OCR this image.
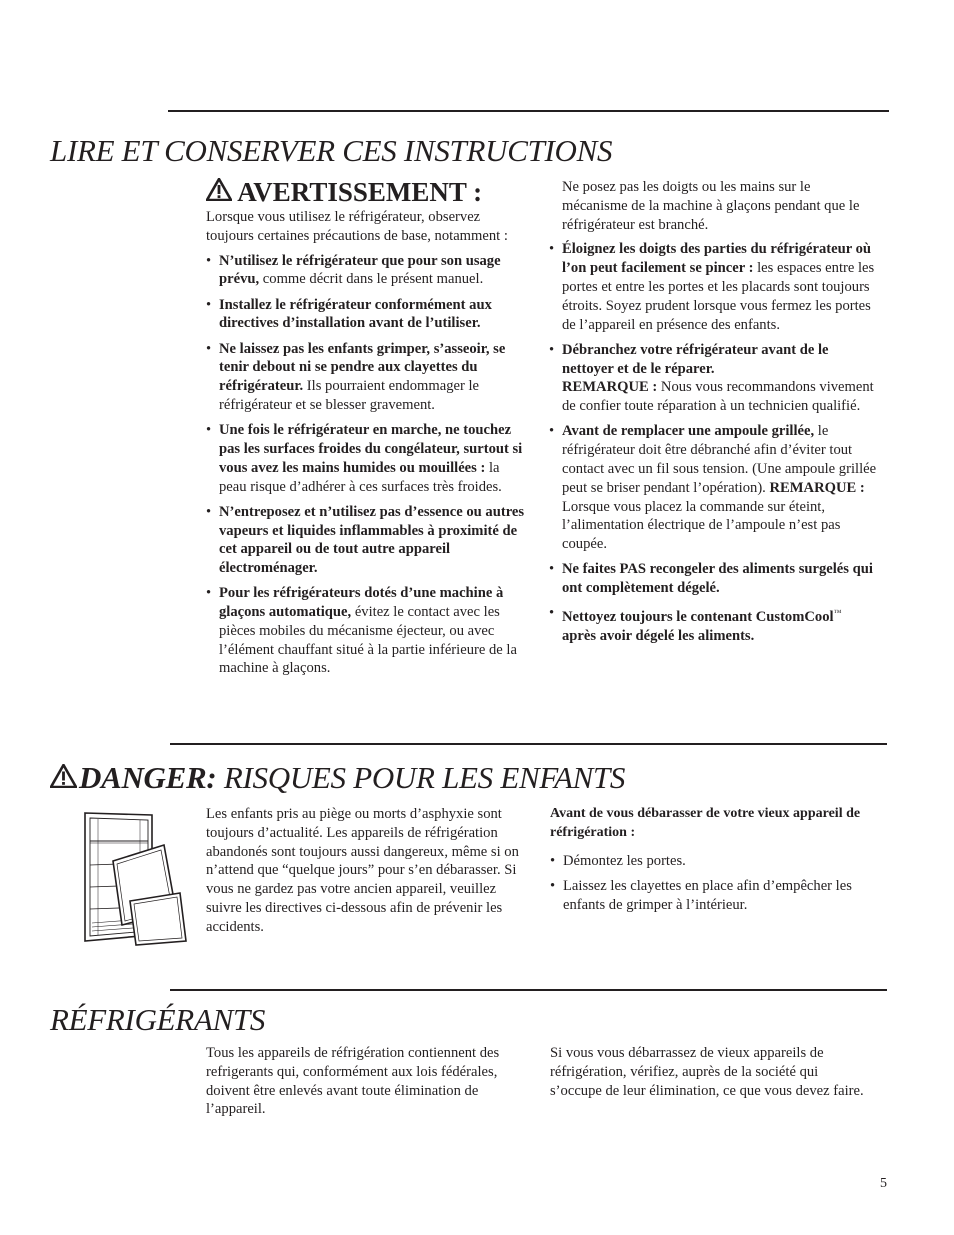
LIRE ET CONSERVER CES INSTRUCTIONS
AVERTISSEMENT :

Lorsque vous utilisez le réfrigérateur, observez toujours certaines précautions de base, notamment :

• N’utilisez le réfrigérateur que pour son usage prévu, comme décrit dans le présent manuel.
• Installez le réfrigérateur conformément aux directives d’installation avant de l’utiliser.
• Ne laissez pas les enfants grimper, s’asseoir, se tenir debout ni se pendre aux clayettes du réfrigérateur. Ils pourraient endommager le réfrigérateur et se blesser gravement.
• Une fois le réfrigérateur en marche, ne touchez pas les surfaces froides du congélateur, surtout si vous avez les mains humides ou mouillées : la peau risque d’adhérer à ces surfaces très froides.
• N’entreposez et n’utilisez pas d’essence ou autres vapeurs et liquides inflammables à proximité de cet appareil ou de tout autre appareil électroménager.
• Pour les réfrigérateurs dotés d’une machine à glaçons automatique, évitez le contact avec les pièces mobiles du mécanisme éjecteur, ou avec l’élément chauffant situé à la partie inférieure de la machine à glaçons.

Ne posez pas les doigts ou les mains sur le mécanisme de la machine à glaçons pendant que le réfrigérateur est branché.

• Éloignez les doigts des parties du réfrigérateur où l’on peut facilement se pincer : les espaces entre les portes et entre les portes et les placards sont toujours étroits. Soyez prudent lorsque vous fermez les portes de l’appareil en présence des enfants.
• Débranchez votre réfrigérateur avant de le nettoyer et de le réparer.
REMARQUE : Nous vous recommandons vivement de confier toute réparation à un technicien qualifié.
• Avant de remplacer une ampoule grillée, le réfrigérateur doit être débranché afin d’éviter tout contact avec un fil sous tension. (Une ampoule grillée peut se briser pendant l’opération). REMARQUE : Lorsque vous placez la commande sur éteint, l’alimentation électrique de l’ampoule n’est pas coupée.
• Ne faites PAS recongeler des aliments surgelés qui ont complètement dégelé.
• Nettoyez toujours le contenant CustomCool™ après avoir dégelé les aliments.
DANGER: RISQUES POUR LES ENFANTS

Les enfants pris au piège ou morts d’asphyxie sont toujours d’actualité. Les appareils de réfrigération abandonés sont toujours aussi dangereux, même si on n’attend que “quelque jours” pour s’en débarasser. Si vous ne gardez pas votre ancien appareil, veuillez suivre les directives ci-dessous afin de prévenir les accidents.

Avant de vous débarasser de votre vieux appareil de réfrigération :

• Démontez les portes.
• Laissez les clayettes en place afin d’empêcher les enfants de grimper à l’intérieur.
RÉFRIGÉRANTS

Tous les appareils de réfrigération contiennent des refrigerants qui, conformément aux lois fédérales, doivent être enlevés avant toute élimination de l’appareil.

Si vous vous débarrassez de vieux appareils de réfrigération, vérifiez, auprès de la société qui s’occupe de leur élimination, ce que vous devez faire.

5
